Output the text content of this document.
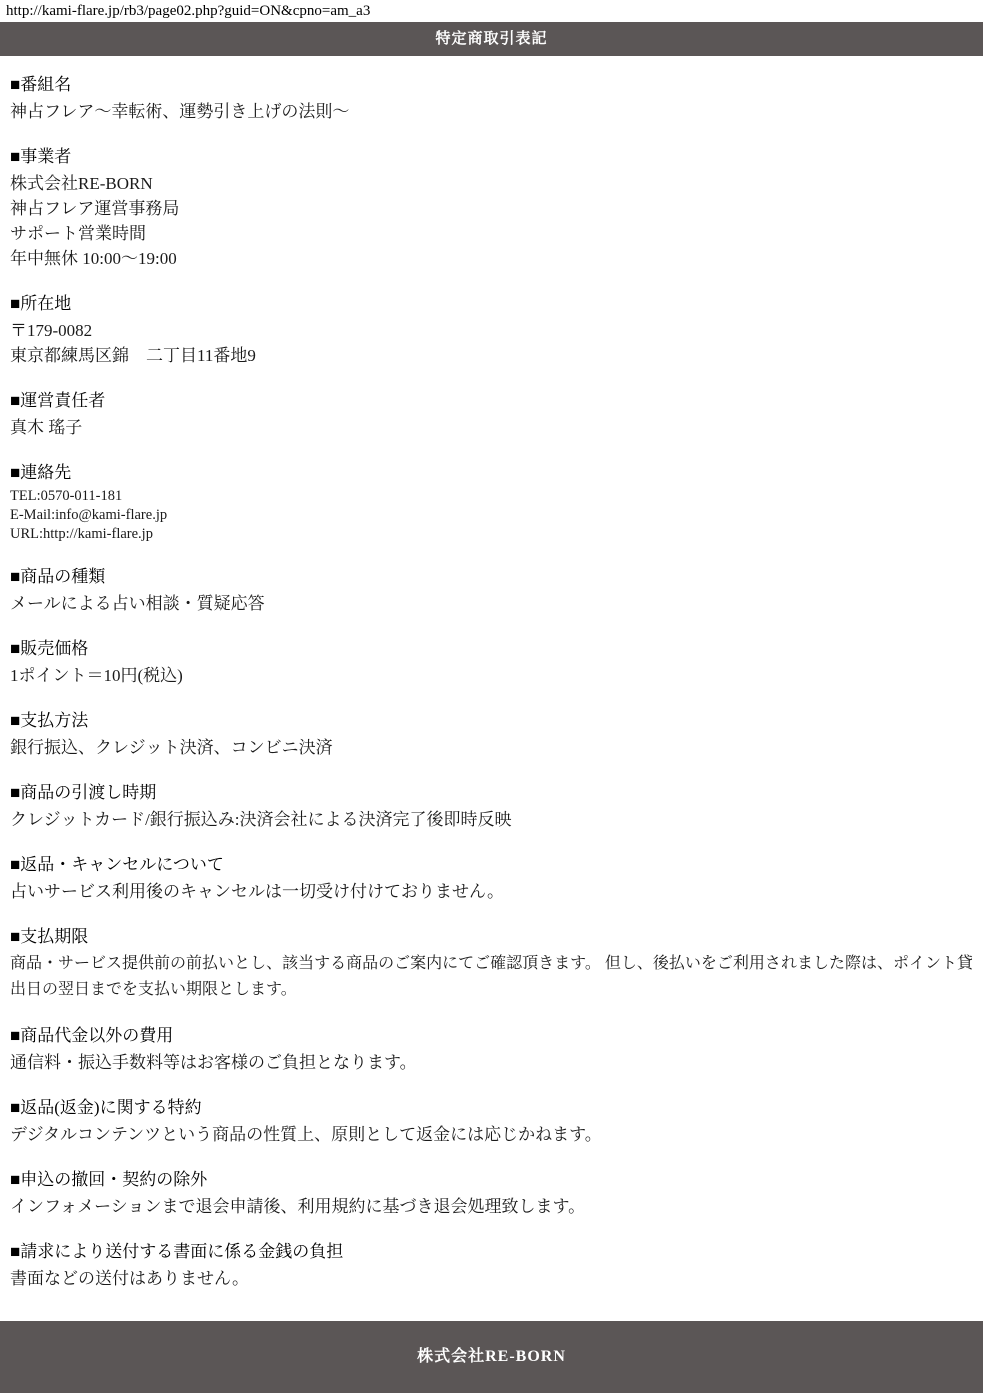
http://kami-flare.jp/rb3/page02.php?guid=ON&cpno=am_a3
特定商取引表記
■番組名
神占フレア〜幸転術、運勢引き上げの法則〜
■事業者
株式会社RE-BORN
神占フレア運営事務局
サポート営業時間
年中無休 10:00〜19:00
■所在地
〒179-0082
東京都練馬区錦　二丁目11番地9
■運営責任者
真木 瑤子
■連絡先
TEL:0570-011-181
E-Mail:info@kami-flare.jp
URL:http://kami-flare.jp
■商品の種類
メールによる占い相談・質疑応答
■販売価格
1ポイント＝10円(税込)
■支払方法
銀行振込、クレジット決済、コンビニ決済
■商品の引渡し時期
クレジットカード/銀行振込み:決済会社による決済完了後即時反映
■返品・キャンセルについて
占いサービス利用後のキャンセルは一切受け付けておりません。
■支払期限
商品・サービス提供前の前払いとし、該当する商品のご案内にてご確認頂きます。 但し、後払いをご利用されました際は、ポイント貸出日の翌日までを支払い期限とします。
■商品代金以外の費用
通信料・振込手数料等はお客様のご負担となります。
■返品(返金)に関する特約
デジタルコンテンツという商品の性質上、原則として返金には応じかねます。
■申込の撤回・契約の除外
インフォメーションまで退会申請後、利用規約に基づき退会処理致します。
■請求により送付する書面に係る金銭の負担
書面などの送付はありません。
株式会社RE-BORN
